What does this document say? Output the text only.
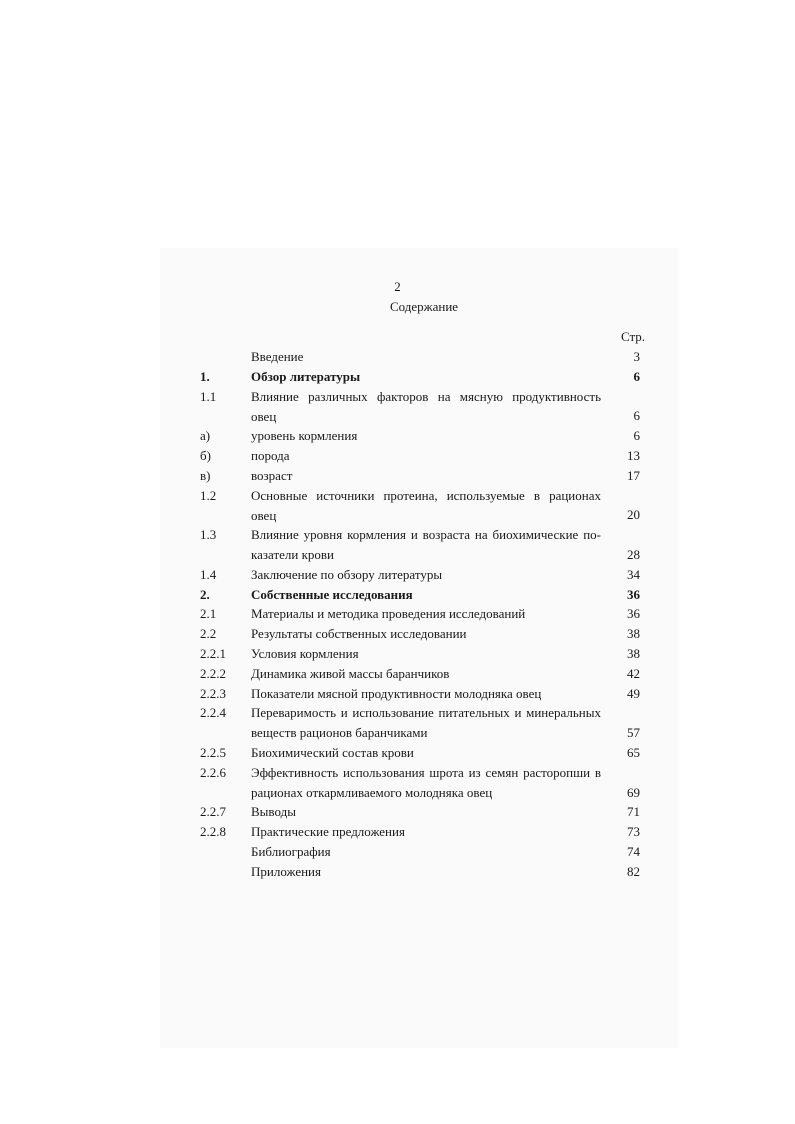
2
Содержание
Стр.
Введение	3
1.	Обзор литературы	6
1.1	Влияние различных факторов на мясную продуктивность
овец	6
а)	уровень кормления	6
б)	порода	13
в)	возраст	17
1.2	Основные источники протеина, используемые в рационах
овец	20
1.3	Влияние уровня кормления и возраста на биохимические по-
казатели крови	28
1.4	Заключение по обзору литературы	34
2.	Собственные исследования	36
2.1	Материалы и методика проведения исследований	36
2.2	Результаты собственных исследовании	38
2.2.1 Условия кормления	38
2.2.2 Динамика живой массы баранчиков	42
2.2.3 Показатели мясной продуктивности молодняка овец	49
2.2.4 Переваримость и использование питательных и минеральных
веществ рационов баранчиками	57
2.2.5 Биохимический состав крови	65
2.2.6 Эффективность использования шрота из семян расторопши в
рационах откармливаемого молодняка овец	69
2.2.7 Выводы	71
2.2.8 Практические предложения	73
Библиография	74
Приложения	82
